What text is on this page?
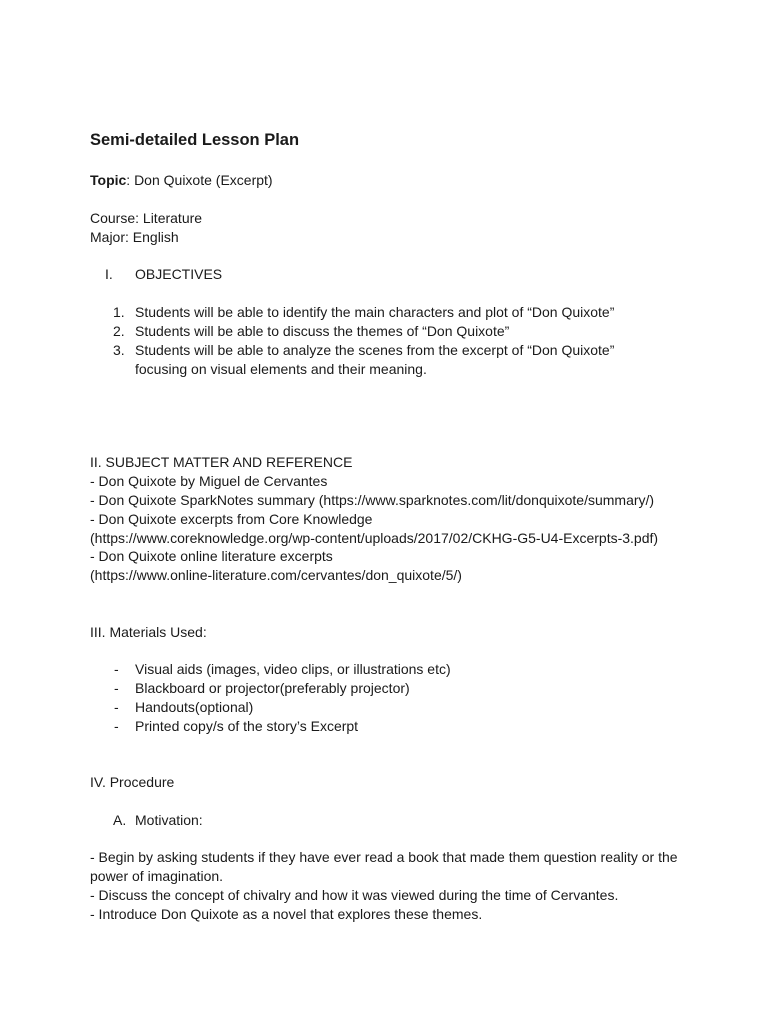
Semi-detailed Lesson Plan
Topic: Don Quixote (Excerpt)
Course: Literature
Major: English
I. OBJECTIVES
1. Students will be able to identify the main characters and plot of “Don Quixote”
2. Students will be able to discuss the themes of “Don Quixote”
3. Students will be able to analyze the scenes from the excerpt of “Don Quixote”
focusing on visual elements and their meaning.
II. SUBJECT MATTER AND REFERENCE
- Don Quixote by Miguel de Cervantes
- Don Quixote SparkNotes summary (https://www.sparknotes.com/lit/donquixote/summary/)
- Don Quixote excerpts from Core Knowledge
(https://www.coreknowledge.org/wp-content/uploads/2017/02/CKHG-G5-U4-Excerpts-3.pdf)
- Don Quixote online literature excerpts
(https://www.online-literature.com/cervantes/don_quixote/5/)
III. Materials Used:
- Visual aids (images, video clips, or illustrations etc)
- Blackboard or projector(preferably projector)
- Handouts(optional)
- Printed copy/s of the story’s Excerpt
IV. Procedure
A. Motivation:
- Begin by asking students if they have ever read a book that made them question reality or the power of imagination.
- Discuss the concept of chivalry and how it was viewed during the time of Cervantes.
- Introduce Don Quixote as a novel that explores these themes.
